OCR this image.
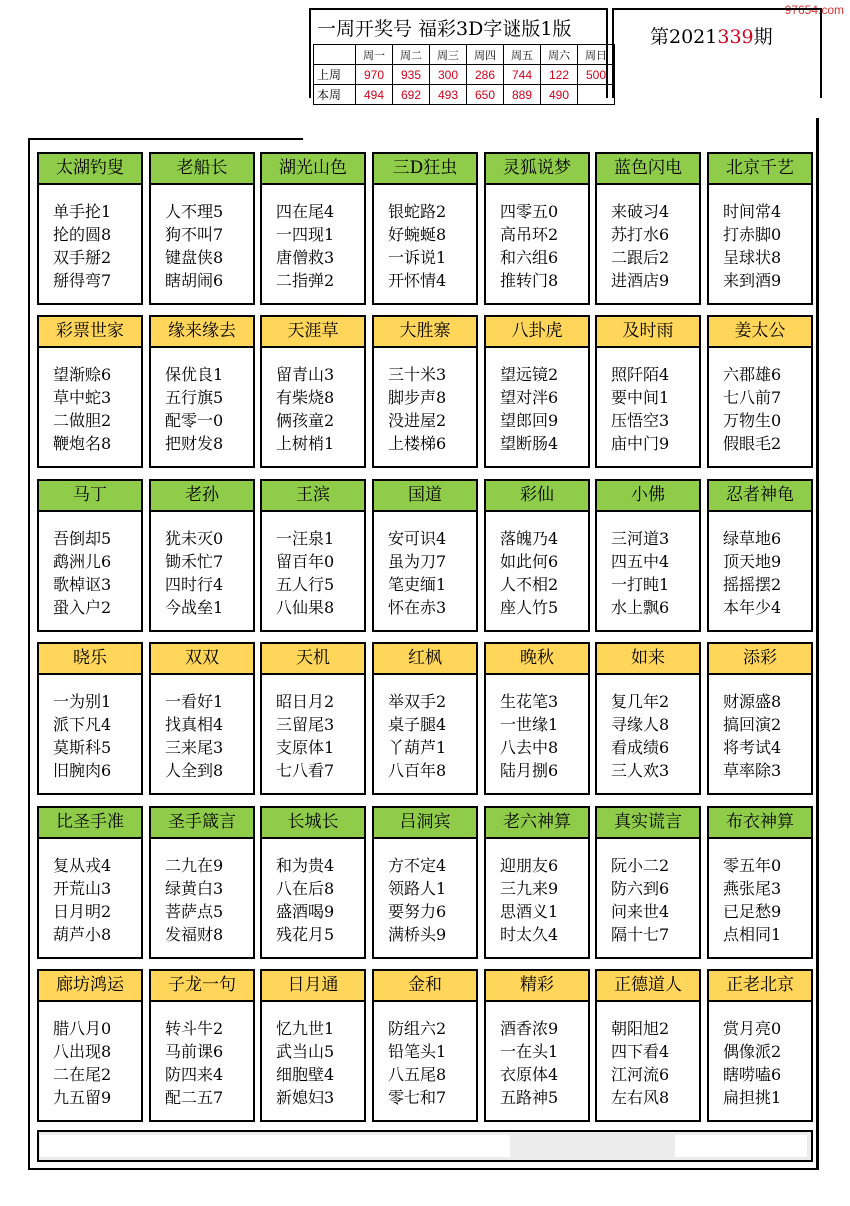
97654.com
一周开奖号 福彩3D字谜版1版	第2021339期
	周一	周二	周三	周四	周五	周六	周日
上周	970	935	300	286	744	122	500
本周	494	692	493	650	889	490	
太湖钓叟
单手抡1
抡的圆8
双手掰2
掰得弯7
老船长
人不理5
狗不叫7
键盘侠8
瞎胡闹6
湖光山色
四在尾4
一四现1
唐僧救3
二指弹2
三D狂虫
银蛇路2
好蜿蜒8
一诉说1
开怀情4
灵狐说梦
四零五0
高吊环2
和六组6
推转门8
蓝色闪电
来破习4
苏打水6
二跟后2
进酒店9
北京千艺
时间常4
打赤脚0
呈球状8
来到酒9
彩票世家
望渐赊6
草中蛇3
二做胆2
鞭炮名8
缘来缘去
保优良1
五行旗5
配零一0
把财发8
天涯草
留青山3
有柴烧8
俩孩童2
上树梢1
大胜寨
三十米3
脚步声8
没进屋2
上楼梯6
八卦虎
望远镜2
望对泮6
望郎回9
望断肠4
及时雨
照阡陌4
要中间1
压悟空3
庙中门9
姜太公
六郡雄6
七八前7
万物生0
假眼毛2
马丁
吾倒却5
鹉洲儿6
歌棹讴3
蛩入户2
老孙
犹未灭0
锄禾忙7
四时行4
今战垒1
王滨
一汪泉1
留百年0
五人行5
八仙果8
国道
安可识4
虽为刀7
笔吏缅1
怀在赤3
彩仙
落魄乃4
如此何6
人不相2
座人竹5
小佛
三河道3
四五中4
一打盹1
水上飘6
忍者神龟
绿草地6
顶天地9
摇摇摆2
本年少4
晓乐
一为别1
派下凡4
莫斯科5
旧腕肉6
双双
一看好1
找真相4
三来尾3
人全到8
天机
昭日月2
三留尾3
支原体1
七八看7
红枫
举双手2
桌子腿4
丫葫芦1
八百年8
晚秋
生花笔3
一世缘1
八去中8
陆月捌6
如来
复几年2
寻缘人8
看成绩6
三人欢3
添彩
财源盛8
搞回演2
将考试4
草率除3
比圣手准
复从戎4
开荒山3
日月明2
葫芦小8
圣手箴言
二九在9
绿黄白3
菩萨点5
发福财8
长城长
和为贵4
八在后8
盛酒喝9
残花月5
吕洞宾
方不定4
领路人1
要努力6
满桥头9
老六神算
迎朋友6
三九来9
思酒义1
时太久4
真实谎言
阮小二2
防六到6
问来世4
隔十七7
布衣神算
零五年0
燕张尾3
已足愁9
点相同1
廊坊鸿运
腊八月0
八出现8
二在尾2
九五留9
子龙一句
转斗牛2
马前课6
防四来4
配二五7
日月通
忆九世1
武当山5
细胞壁4
新媳妇3
金和
防组六2
铅笔头1
八五尾8
零七和7
精彩
酒香浓9
一在头1
衣原体4
五路神5
正德道人
朝阳旭2
四下看4
江河流6
左右风8
正老北京
赏月亮0
偶像派2
瞎唠嗑6
扁担挑1
